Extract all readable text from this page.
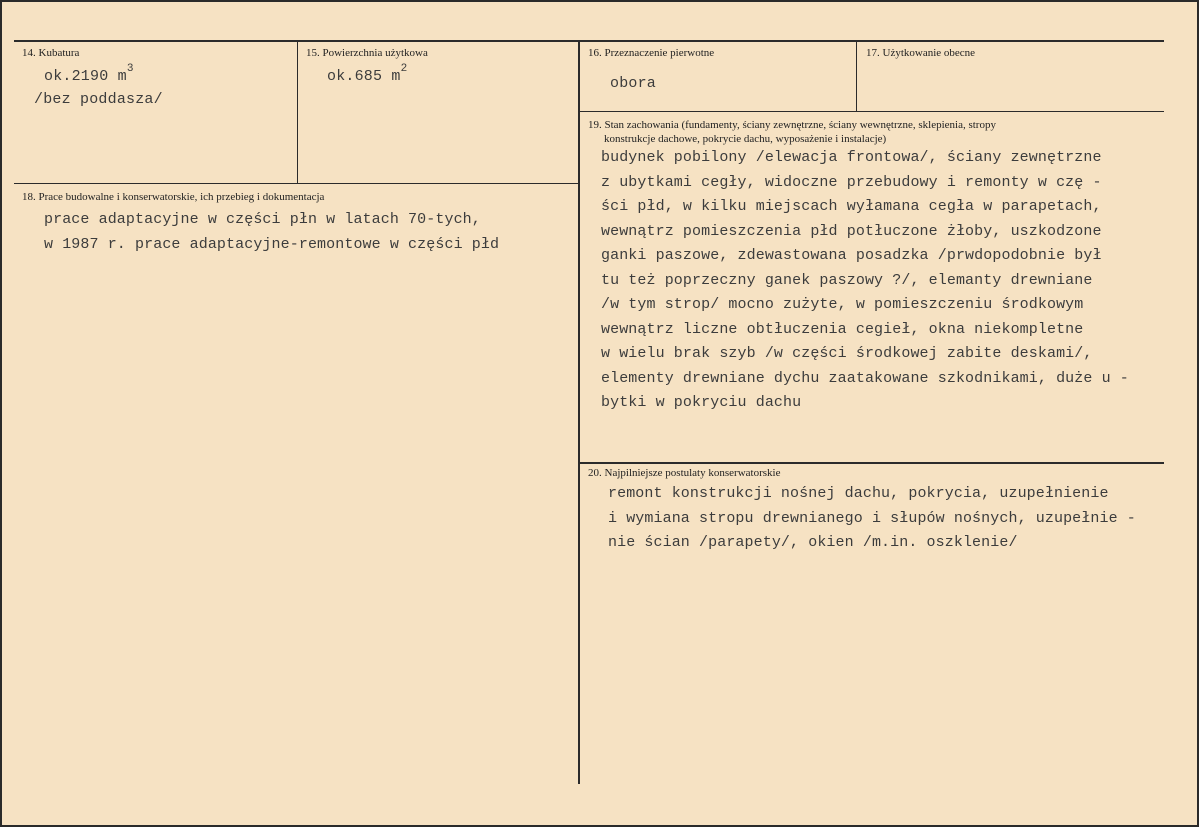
14. Kubatura
ok.2190 $m^3$
/bez poddasza/
15. Powierzchnia użytkowa
ok.685 $m^2$
16. Przeznaczenie pierwotne
obora
17. Użytkowanie obecne
18. Prace budowalne i konserwatorskie, ich przebieg i dokumentacja
prace adaptacyjne w części płn w latach 70-tych,
w 1987 r. prace adaptacyjne-remontowe w części płd
19. Stan zachowania (fundamenty, ściany zewnętrzne, ściany wewnętrzne, sklepienia, stropy
konstrukcje dachowe, pokrycie dachu, wyposażenie i instalacje)
budynek pobilony /elewacja frontowa/, ściany zewnętrzne
z ubytkami cegły, widoczne przebudowy i remonty w czę -
ści płd, w kilku miejscach wyłamana cegła w parapetach,
wewnątrz pomieszczenia płd potłuczone żłoby, uszkodzone
ganki paszowe, zdewastowana posadzka /prwdopodobnie był
tu też poprzeczny ganek paszowy ?/, elemanty drewniane
/w tym strop/ mocno zużyte, w pomieszczeniu środkowym
wewnątrz liczne obtłuczenia cegieł, okna niekompletne
w wielu brak szyb /w części środkowej zabite deskami/,
elementy drewniane dychu zaatakowane szkodnikami, duże u -
bytki w pokryciu dachu
20. Najpilniejsze postulaty konserwatorskie
remont konstrukcji nośnej dachu, pokrycia, uzupełnienie
i wymiana stropu drewnianego i słupów nośnych, uzupełnie -
nie ścian /parapety/, okien /m.in. oszklenie/
